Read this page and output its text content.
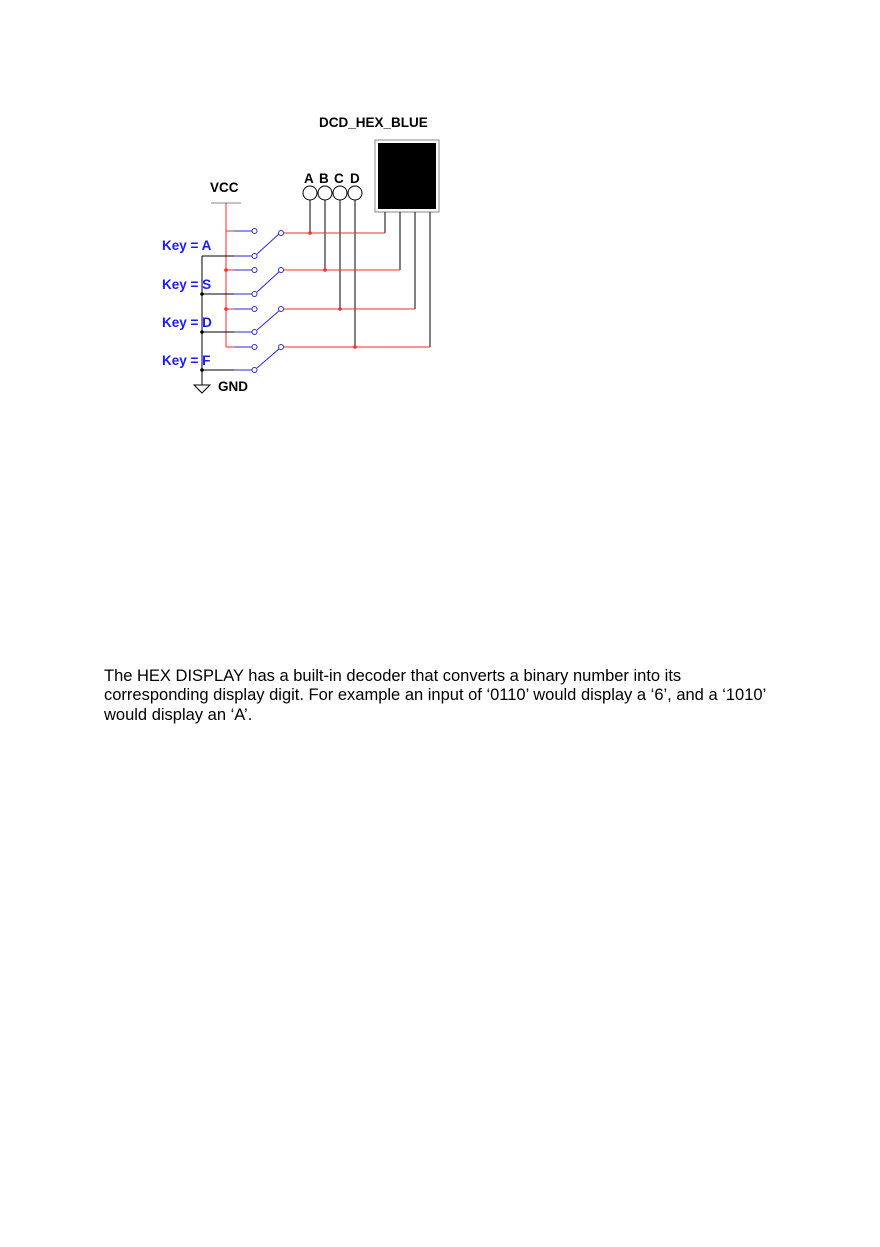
DCD_HEX_BLUE
A B C D
VCC
GND
Key = A
Key = S
Key = D
Key = F

The HEX DISPLAY has a built-in decoder that converts a binary number into its corresponding display digit. For example an input of ‘0110’ would display a ‘6’, and a ‘1010’ would display an ‘A’.
